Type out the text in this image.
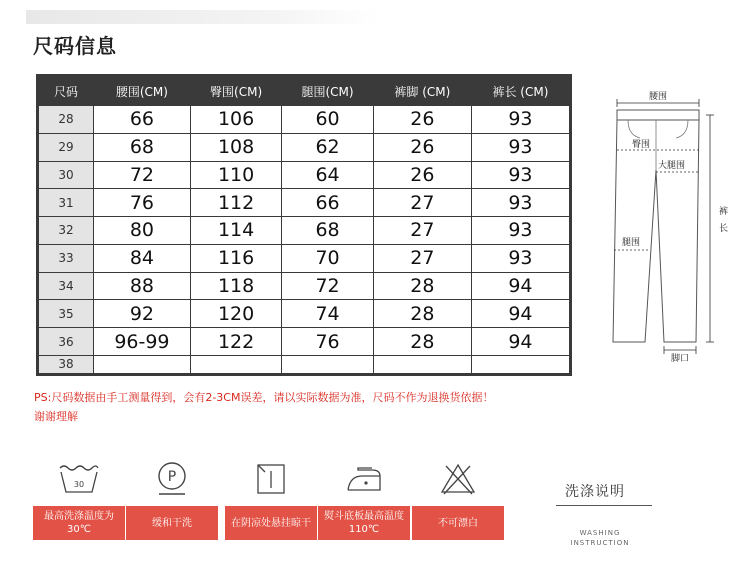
尺码信息
尺码	腰围(CM)	臀围(CM)	腿围(CM)	裤脚 (CM)	裤长 (CM)
28	66	106	60	26	93
29	68	108	62	26	93
30	72	110	64	26	93
31	76	112	66	27	93
32	80	114	68	27	93
33	84	116	70	27	93
34	88	118	72	28	94
35	92	120	74	28	94
36	96-99	122	76	28	94
38					
PS:尺码数据由手工测量得到，会有2-3CM误差，请以实际数据为准，尺码不作为退换货依据！谢谢理解
腰围
臀围
大腿围
腿围
裤
长
脚口
30
最高洗涤温度为30℃
P
缓和干洗	在阴凉处悬挂晾干
熨斗底板最高温度110℃
不可漂白
洗涤说明
WASHING INSTRUCTION
